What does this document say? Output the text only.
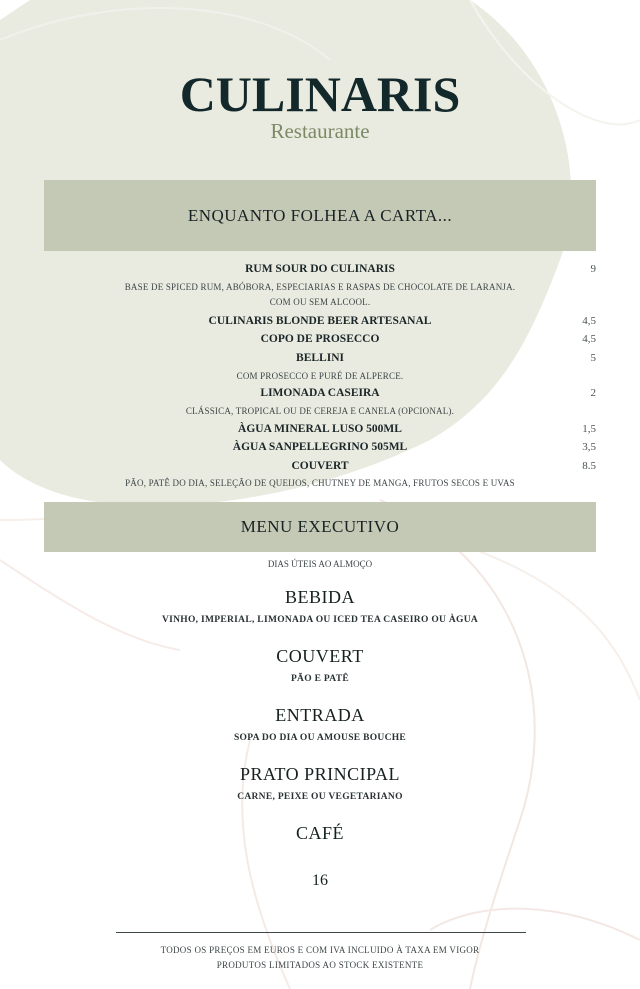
CULINARIS
Restaurante
ENQUANTO FOLHEA A CARTA...
RUM SOUR DO CULINARIS	9
BASE DE SPICED RUM, ABÓBORA, ESPECIARIAS E RASPAS DE CHOCOLATE DE LARANJA.
COM OU SEM ALCOOL.
CULINARIS BLONDE BEER ARTESANAL	4,5
COPO DE PROSECCO	4,5
BELLINI	5
COM PROSECCO E PURÉ DE ALPERCE.
LIMONADA CASEIRA	2
CLÁSSICA, TROPICAL OU DE CEREJA E CANELA (OPCIONAL).
ÀGUA MINERAL LUSO 500ML	1,5
ÀGUA SANPELLEGRINO 505ML	3,5
COUVERT	8.5
PÃO, PATÊ DO DIA, SELEÇÃO DE QUEIJOS, CHUTNEY DE MANGA, FRUTOS SECOS E UVAS
MENU EXECUTIVO
DIAS ÚTEIS AO ALMOÇO
BEBIDA
VINHO, IMPERIAL, LIMONADA OU ICED TEA CASEIRO OU ÀGUA
COUVERT
PÃO E PATÊ
ENTRADA
SOPA DO DIA OU AMOUSE BOUCHE
PRATO PRINCIPAL
CARNE, PEIXE OU VEGETARIANO
CAFÉ
16
TODOS OS PREÇOS EM EUROS E COM IVA INCLUIDO À TAXA EM VIGOR
PRODUTOS LIMITADOS AO STOCK EXISTENTE
